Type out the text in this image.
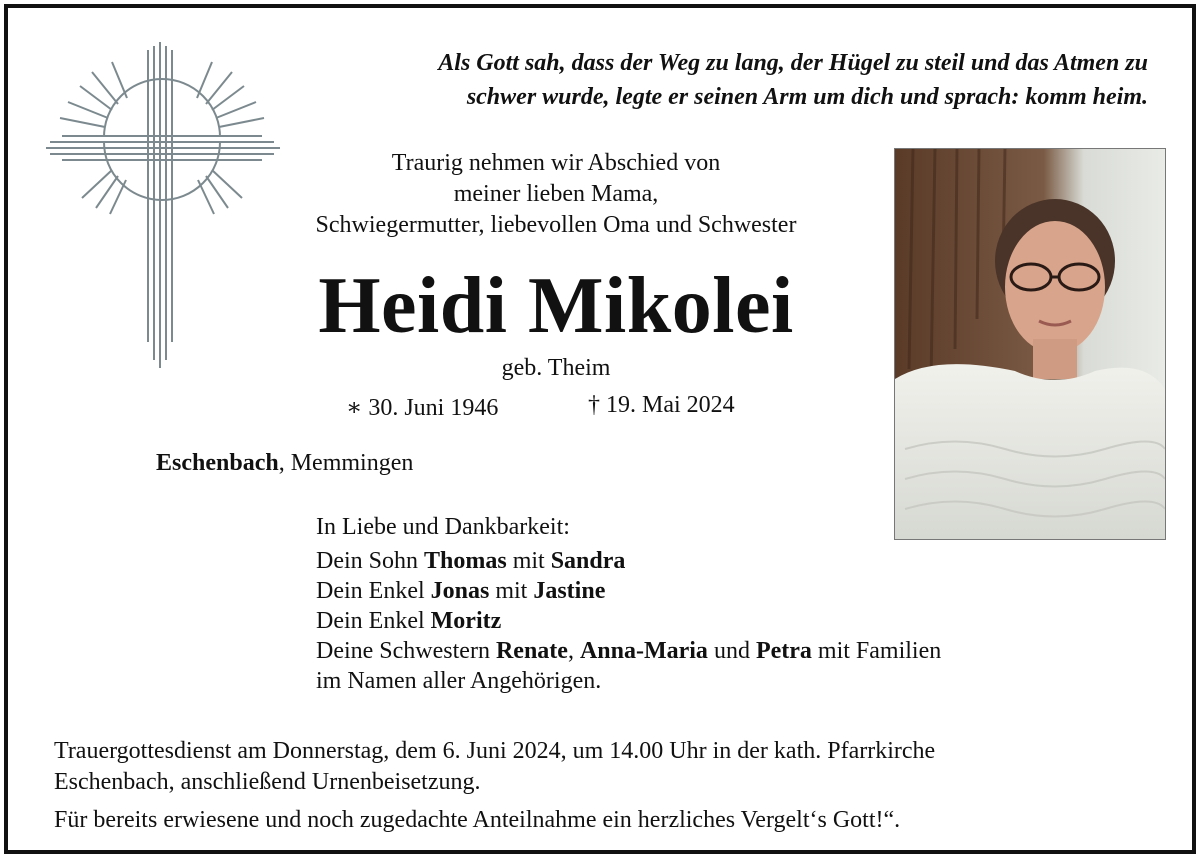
Als Gott sah, dass der Weg zu lang, der Hügel zu steil und das Atmen zu
schwer wurde, legte er seinen Arm um dich und sprach: komm heim.
Traurig nehmen wir Abschied von
meiner lieben Mama,
Schwiegermutter, liebevollen Oma und Schwester
Heidi Mikolei
geb. Theim
∗ 30. Juni 1946	† 19. Mai 2024
Eschenbach, Memmingen
In Liebe und Dankbarkeit:
Dein Sohn Thomas mit Sandra
Dein Enkel Jonas mit Jastine
Dein Enkel Moritz
Deine Schwestern Renate, Anna-Maria und Petra mit Familien
im Namen aller Angehörigen.
Trauergottesdienst am Donnerstag, dem 6. Juni 2024, um 14.00 Uhr in der kath. Pfarrkirche
Eschenbach, anschließend Urnenbeisetzung.
Für bereits erwiesene und noch zugedachte Anteilnahme ein herzliches Vergelt‘s Gott!“.
